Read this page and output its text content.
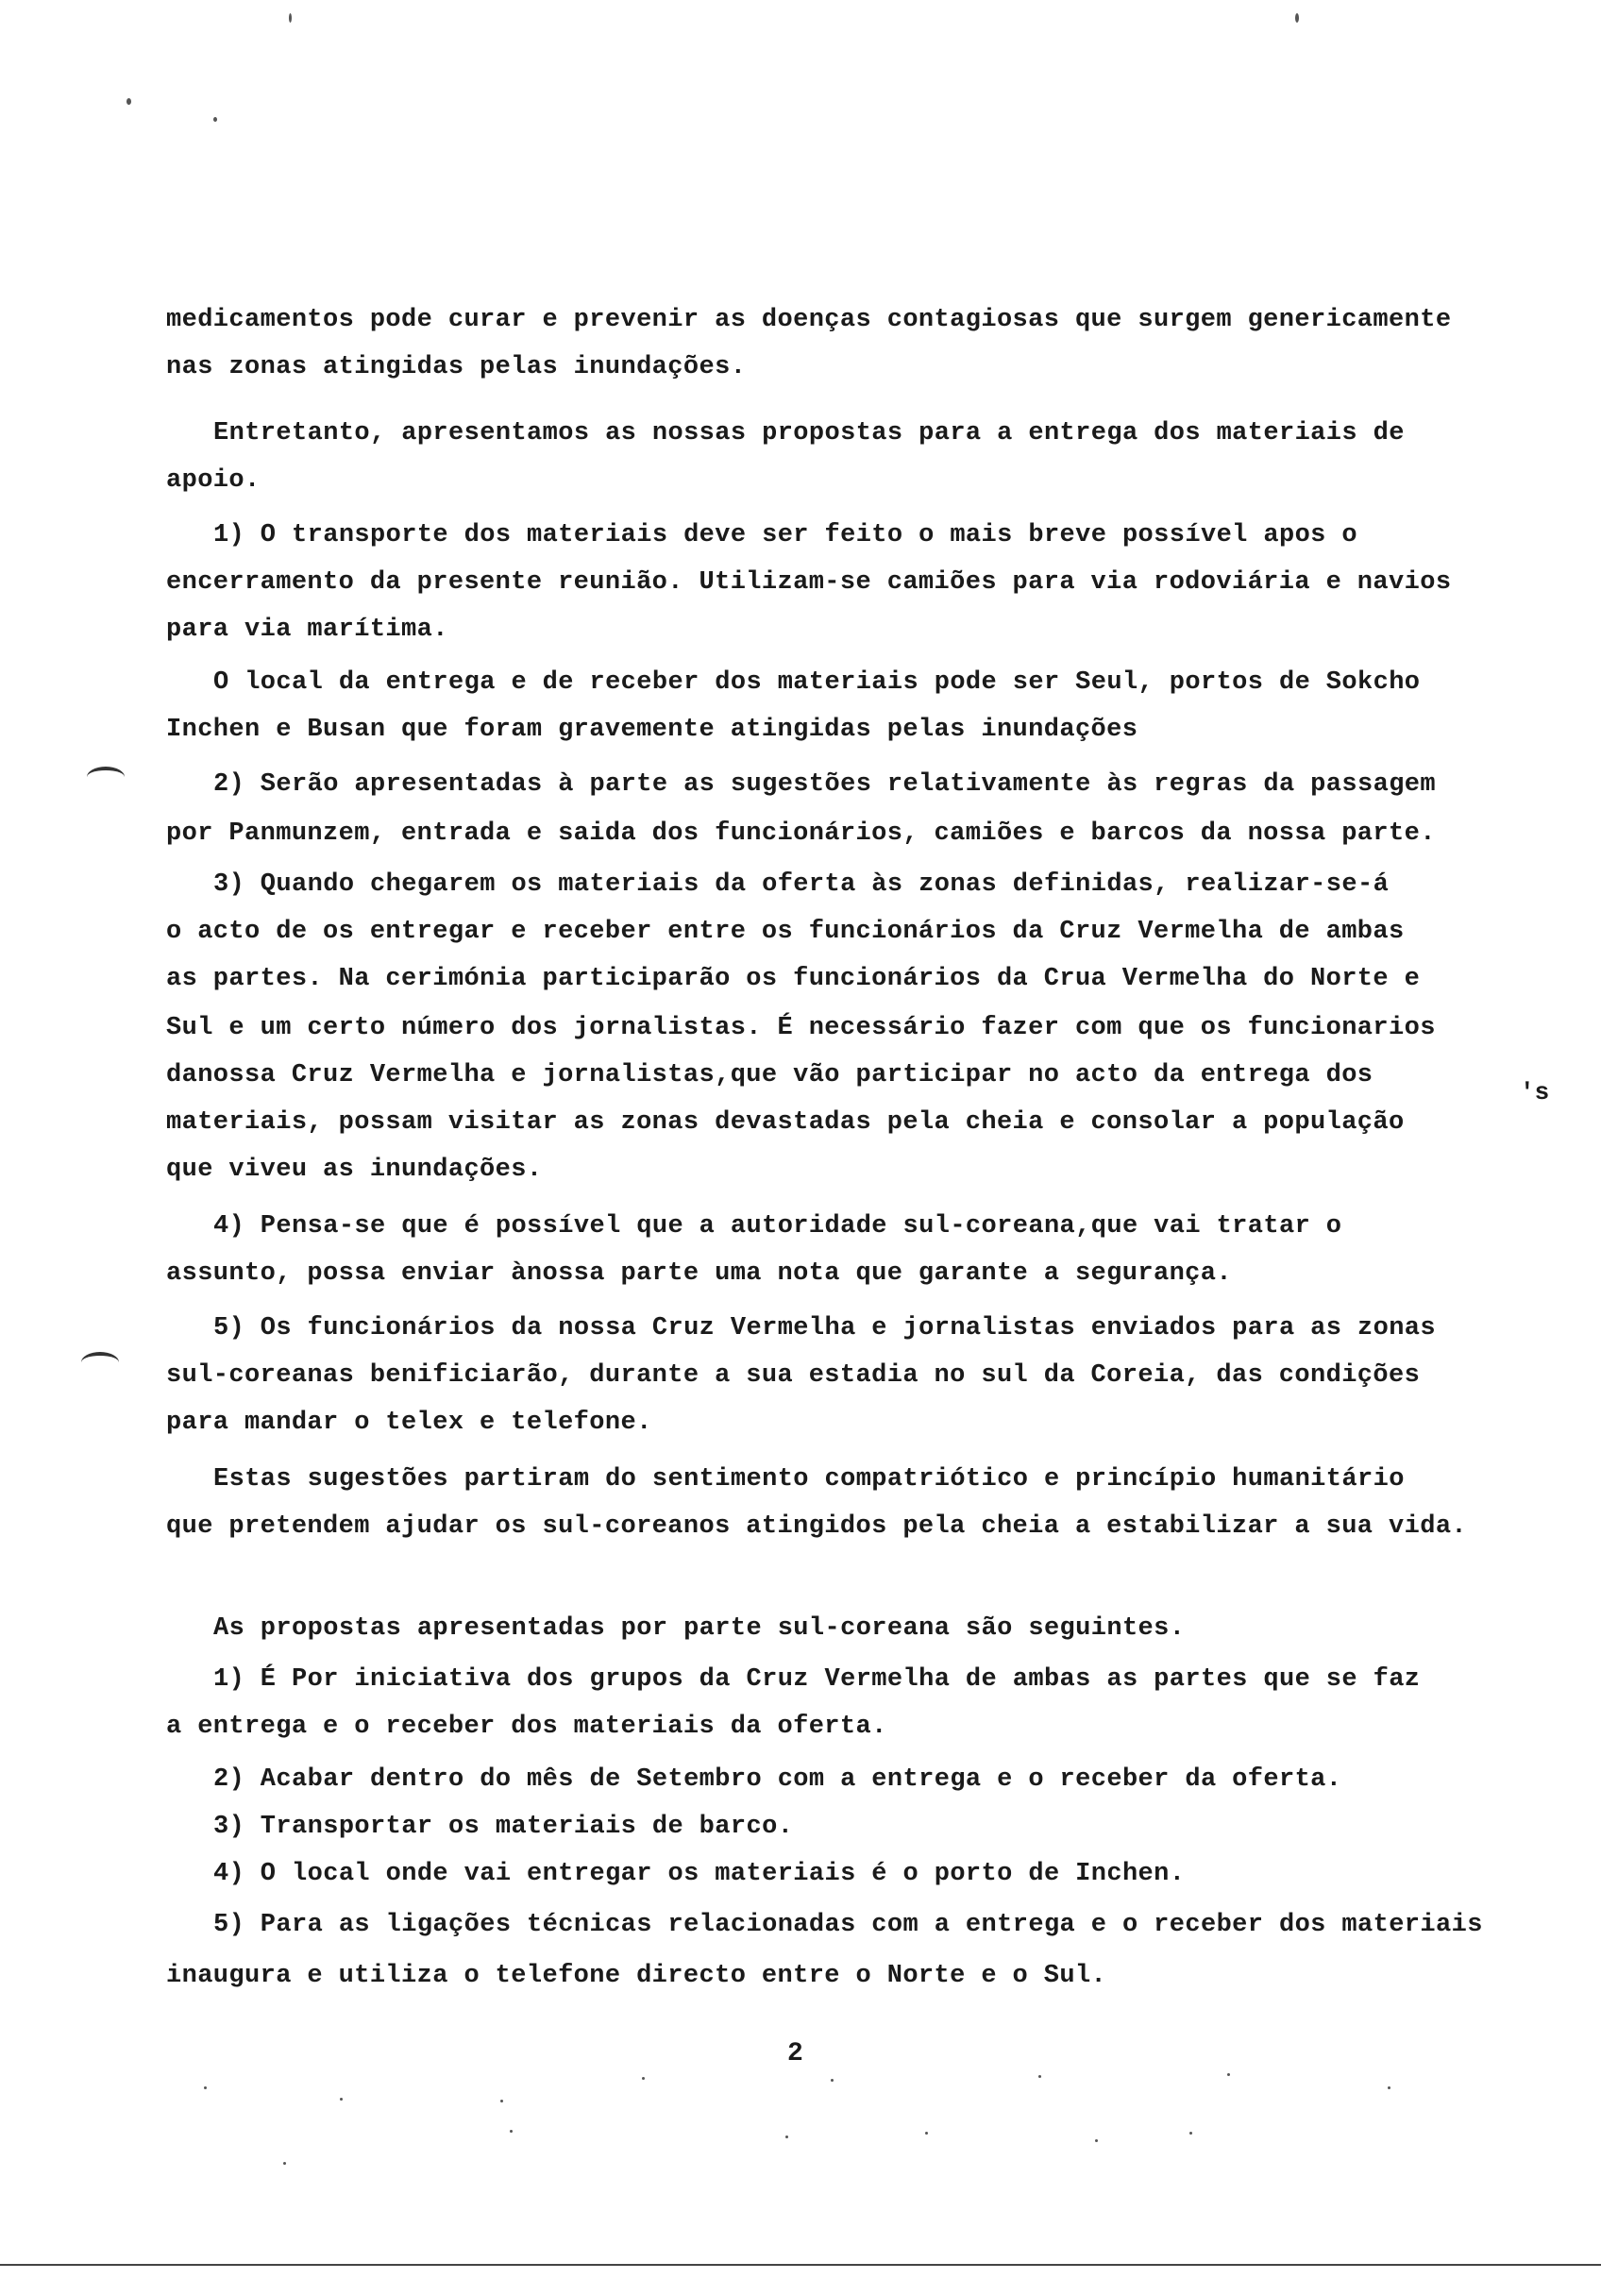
medicamentos pode curar e prevenir as doenças contagiosas que surgem genericamente
nas zonas atingidas pelas inundações.
Entretanto, apresentamos as nossas propostas para a entrega dos materiais de
apoio.
1) O transporte dos materiais deve ser feito o mais breve possível apos o
encerramento da presente reunião. Utilizam-se camiões para via rodoviária e navios
para via marítima.
O local da entrega e de receber dos materiais pode ser Seul, portos de Sokcho
Inchen e Busan que foram gravemente atingidas pelas inundações
2) Serão apresentadas à parte as sugestões relativamente às regras da passagem
por Panmunzem, entrada e saida dos funcionários, camiões e barcos da nossa parte.
3) Quando chegarem os materiais da oferta às zonas definidas, realizar-se-á
o acto de os entregar e receber entre os funcionários da Cruz Vermelha de ambas
as partes. Na cerimónia participarão os funcionários da Crua Vermelha do Norte e
Sul e um certo número dos jornalistas. É necessário fazer com que os funcionarios
danossa Cruz Vermelha e jornalistas,que vão participar no acto da entrega dos
materiais, possam visitar as zonas devastadas pela cheia e consolar a população
que viveu as inundações.
4) Pensa-se que é possível que a autoridade sul-coreana,que vai tratar o
assunto, possa enviar ànossa parte uma nota que garante a segurança.
5) Os funcionários da nossa Cruz Vermelha e jornalistas enviados para as zonas
sul-coreanas benificiarão, durante a sua estadia no sul da Coreia, das condições
para mandar o telex e telefone.
Estas sugestões partiram do sentimento compatriótico e princípio humanitário
que pretendem ajudar os sul-coreanos atingidos pela cheia a estabilizar a sua vida.
As propostas apresentadas por parte sul-coreana são seguintes.
1) É Por iniciativa dos grupos da Cruz Vermelha de ambas as partes que se faz
a entrega e o receber dos materiais da oferta.
2) Acabar dentro do mês de Setembro com a entrega e o receber da oferta.
3) Transportar os materiais de barco.
4) O local onde vai entregar os materiais é o porto de Inchen.
5) Para as ligações técnicas relacionadas com a entrega e o receber dos materiais
inaugura e utiliza o telefone directo entre o Norte e o Sul.
's
2
